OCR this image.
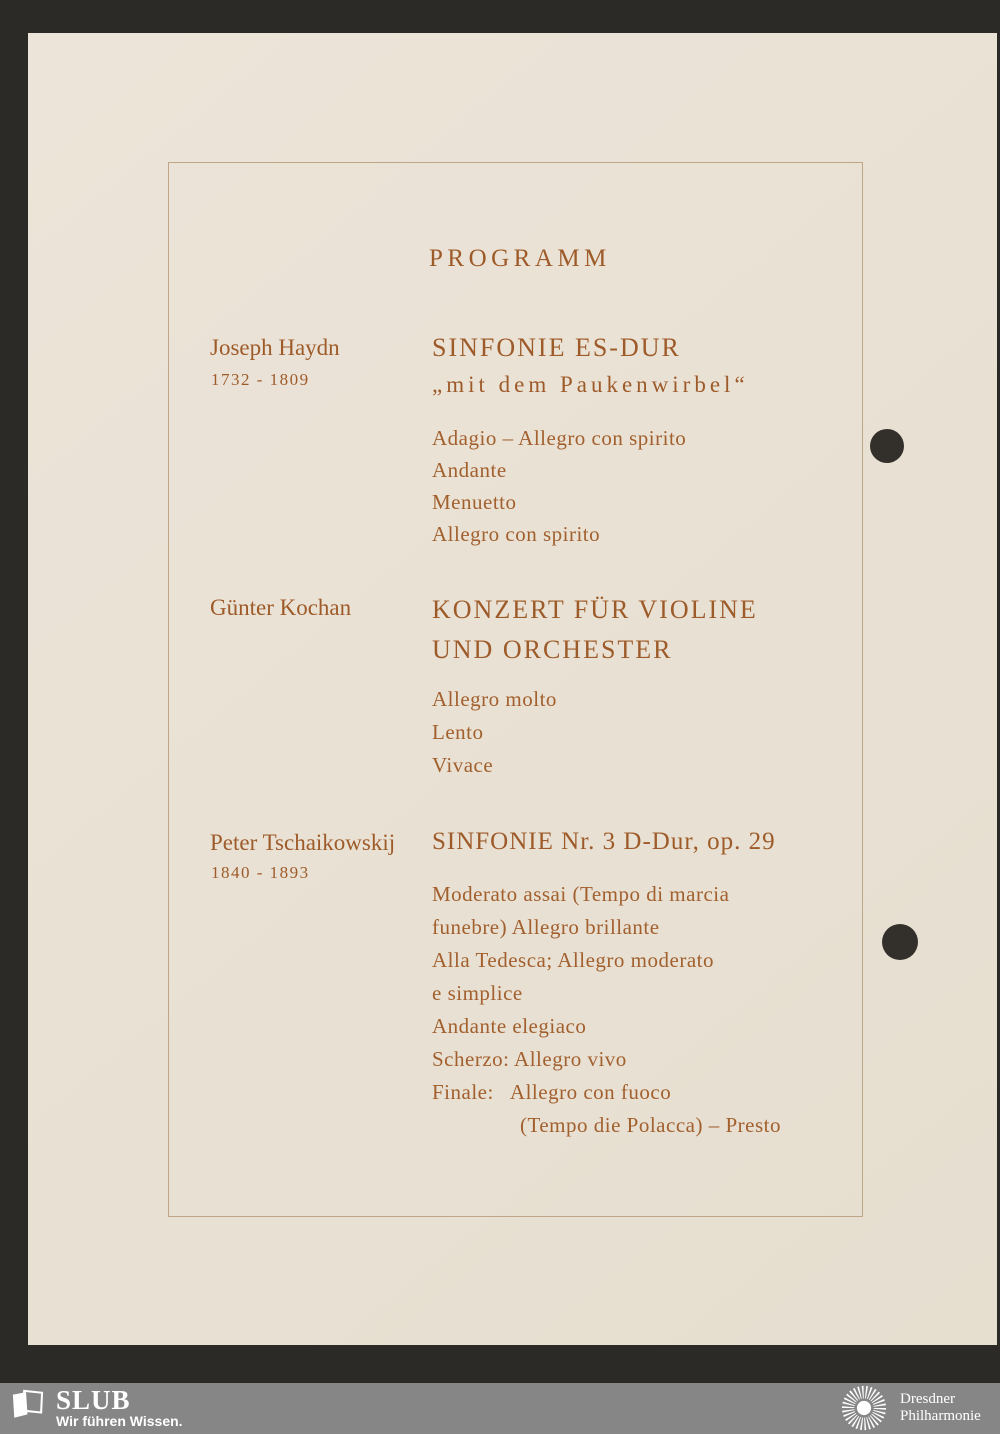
PROGRAMM
Joseph Haydn
1732 - 1809
SINFONIE ES-DUR
„mit dem Paukenwirbel“
Adagio – Allegro con spirito
Andante
Menuetto
Allegro con spirito
Günter Kochan	KONZERT FÜR VIOLINE
UND ORCHESTER
Allegro molto
Lento
Vivace
Peter Tschaikowskij
1840 - 1893
SINFONIE Nr. 3 D-Dur, op. 29
Moderato assai (Tempo di marcia
funebre) Allegro brillante
Alla Tedesca; Allegro moderato
e simplice
Andante elegiaco
Scherzo: Allegro vivo
Finale:   Allegro con fuoco
(Tempo die Polacca) – Presto
SLUB
Wir führen Wissen.
Dresdner
Philharmonie
